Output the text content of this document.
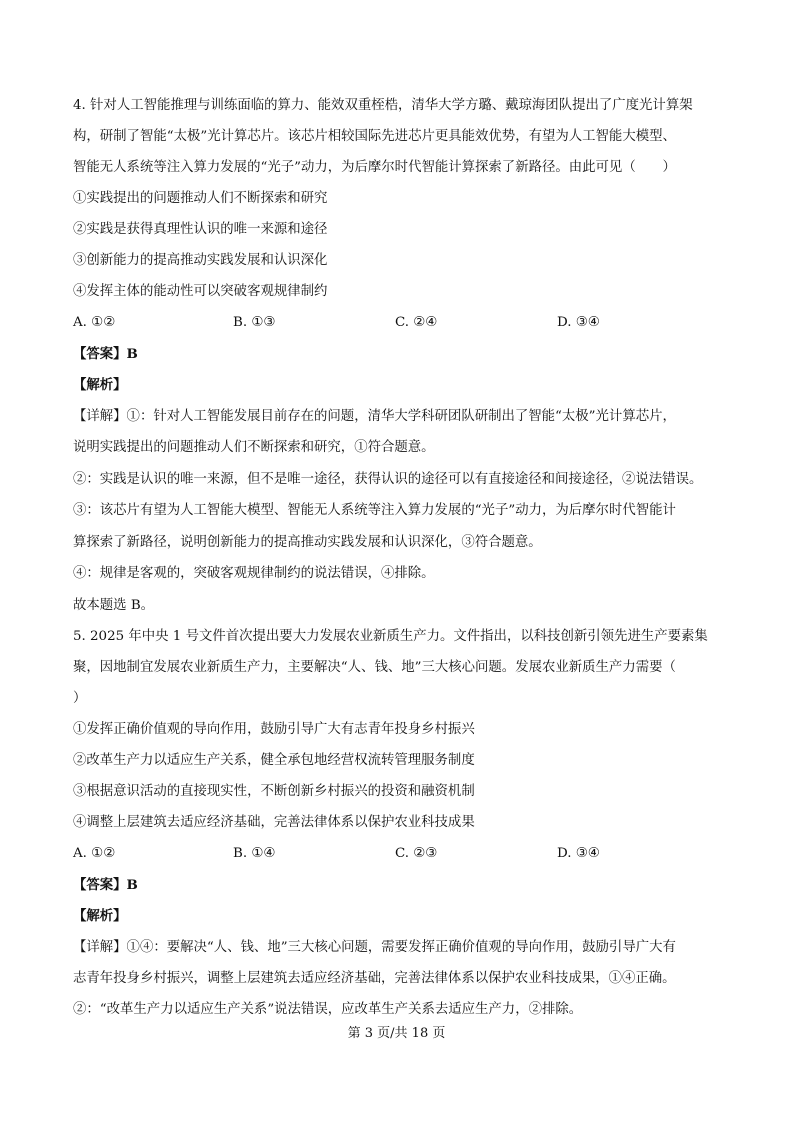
4. 针对人工智能推理与训练面临的算力、能效双重桎梏，清华大学方璐、戴琼海团队提出了广度光计算架
构，研制了智能“太极”光计算芯片。该芯片相较国际先进芯片更具能效优势，有望为人工智能大模型、
智能无人系统等注入算力发展的“光子”动力，为后摩尔时代智能计算探索了新路径。由此可见（　　）
①实践提出的问题推动人们不断探索和研究
②实践是获得真理性认识的唯一来源和途径
③创新能力的提高推动实践发展和认识深化
④发挥主体的能动性可以突破客观规律制约
A. ①②	B. ①③	C. ②④	D. ③④
【答案】B
【解析】
【详解】①：针对人工智能发展目前存在的问题，清华大学科研团队研制出了智能“太极”光计算芯片，
说明实践提出的问题推动人们不断探索和研究，①符合题意。
②：实践是认识的唯一来源，但不是唯一途径，获得认识的途径可以有直接途径和间接途径，②说法错误。
③：该芯片有望为人工智能大模型、智能无人系统等注入算力发展的“光子”动力，为后摩尔时代智能计
算探索了新路径，说明创新能力的提高推动实践发展和认识深化，③符合题意。
④：规律是客观的，突破客观规律制约的说法错误，④排除。
故本题选 B。
5. 2025 年中央 1 号文件首次提出要大力发展农业新质生产力。文件指出，以科技创新引领先进生产要素集
聚，因地制宜发展农业新质生产力，主要解决“人、钱、地”三大核心问题。发展农业新质生产力需要（
）
①发挥正确价值观的导向作用，鼓励引导广大有志青年投身乡村振兴
②改革生产力以适应生产关系，健全承包地经营权流转管理服务制度
③根据意识活动的直接现实性，不断创新乡村振兴的投资和融资机制
④调整上层建筑去适应经济基础，完善法律体系以保护农业科技成果
A. ①②	B. ①④	C. ②③	D. ③④
【答案】B
【解析】
【详解】①④：要解决“人、钱、地”三大核心问题，需要发挥正确价值观的导向作用，鼓励引导广大有
志青年投身乡村振兴，调整上层建筑去适应经济基础，完善法律体系以保护农业科技成果，①④正确。
②：“改革生产力以适应生产关系”说法错误，应改革生产关系去适应生产力，②排除。
第 3 页/共 18 页
